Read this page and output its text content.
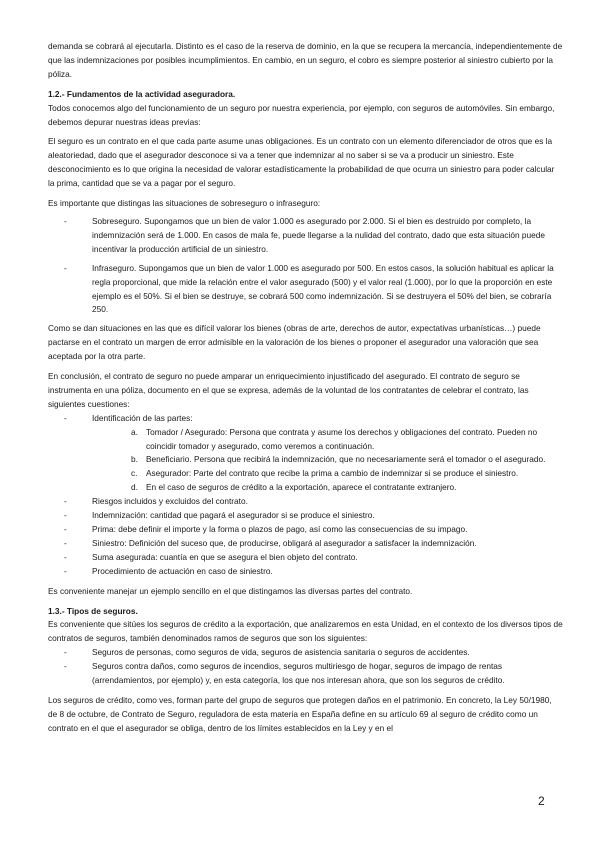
demanda se cobrará al ejecutarla. Distinto es el caso de la reserva de dominio, en la que se recupera la mercancía, independientemente de que las indemnizaciones por posibles incumplimientos. En cambio, en un seguro, el cobro es siempre posterior al siniestro cubierto por la póliza.

1.2.- Fundamentos de la actividad aseguradora.

Todos conocemos algo del funcionamiento de un seguro por nuestra experiencia, por ejemplo, con seguros de automóviles. Sin embargo, debemos depurar nuestras ideas previas:

El seguro es un contrato en el que cada parte asume unas obligaciones. Es un contrato con un elemento diferenciador de otros que es la aleatoriedad, dado que el asegurador desconoce si va a tener que indemnizar al no saber si se va a producir un siniestro. Este desconocimiento es lo que origina la necesidad de valorar estadísticamente la probabilidad de que ocurra un siniestro para poder calcular la prima, cantidad que se va a pagar por el seguro.

Es importante que distingas las situaciones de sobreseguro o infraseguro:

- Sobreseguro. Supongamos que un bien de valor 1.000 es asegurado por 2.000. Si el bien es destruido por completo, la indemnización será de 1.000. En casos de mala fe, puede llegarse a la nulidad del contrato, dado que esta situación puede incentivar la producción artificial de un siniestro.
- Infraseguro. Supongamos que un bien de valor 1.000 es asegurado por 500. En estos casos, la solución habitual es aplicar la regla proporcional, que mide la relación entre el valor asegurado (500) y el valor real (1.000), por lo que la proporción en este ejemplo es el 50%. Si el bien se destruye, se cobrará 500 como indemnización. Si se destruyera el 50% del bien, se cobraría 250.

Como se dan situaciones en las que es difícil valorar los bienes (obras de arte, derechos de autor, expectativas urbanísticas…) puede pactarse en el contrato un margen de error admisible en la valoración de los bienes o proponer el asegurador una valoración que sea aceptada por la otra parte.

En conclusión, el contrato de seguro no puede amparar un enriquecimiento injustificado del asegurado. El contrato de seguro se instrumenta en una póliza, documento en el que se expresa, además de la voluntad de los contratantes de celebrar el contrato, las siguientes cuestiones:

- Identificación de las partes:
a. Tomador / Asegurado: Persona que contrata y asume los derechos y obligaciones del contrato. Pueden no coincidir tomador y asegurado, como veremos a continuación.
b. Beneficiario. Persona que recibirá la indemnización, que no necesariamente será el tomador o el asegurado.
c. Asegurador: Parte del contrato que recibe la prima a cambio de indemnizar si se produce el siniestro.
d. En el caso de seguros de crédito a la exportación, aparece el contratante extranjero.
- Riesgos incluidos y excluidos del contrato.
- Indemnización: cantidad que pagará el asegurador si se produce el siniestro.
- Prima: debe definir el importe y la forma o plazos de pago, así como las consecuencias de su impago.
- Siniestro: Definición del suceso que, de producirse, obligará al asegurador a satisfacer la indemnización.
- Suma asegurada: cuantía en que se asegura el bien objeto del contrato.
- Procedimiento de actuación en caso de siniestro.

Es conveniente manejar un ejemplo sencillo en el que distingamos las diversas partes del contrato.

1.3.- Tipos de seguros.

Es conveniente que sitúes los seguros de crédito a la exportación, que analizaremos en esta Unidad, en el contexto de los diversos tipos de contratos de seguros, también denominados ramos de seguros que son los siguientes:

- Seguros de personas, como seguros de vida, seguros de asistencia sanitaria o seguros de accidentes.
- Seguros contra daños, como seguros de incendios, seguros multiriesgo de hogar, seguros de impago de rentas (arrendamientos, por ejemplo) y, en esta categoría, los que nos interesan ahora, que son los seguros de crédito.

Los seguros de crédito, como ves, forman parte del grupo de seguros que protegen daños en el patrimonio. En concreto, la Ley 50/1980, de 8 de octubre, de Contrato de Seguro, reguladora de esta materia en España define en su artículo 69 al seguro de crédito como un contrato en el que el asegurador se obliga, dentro de los límites establecidos en la Ley y en el

2
